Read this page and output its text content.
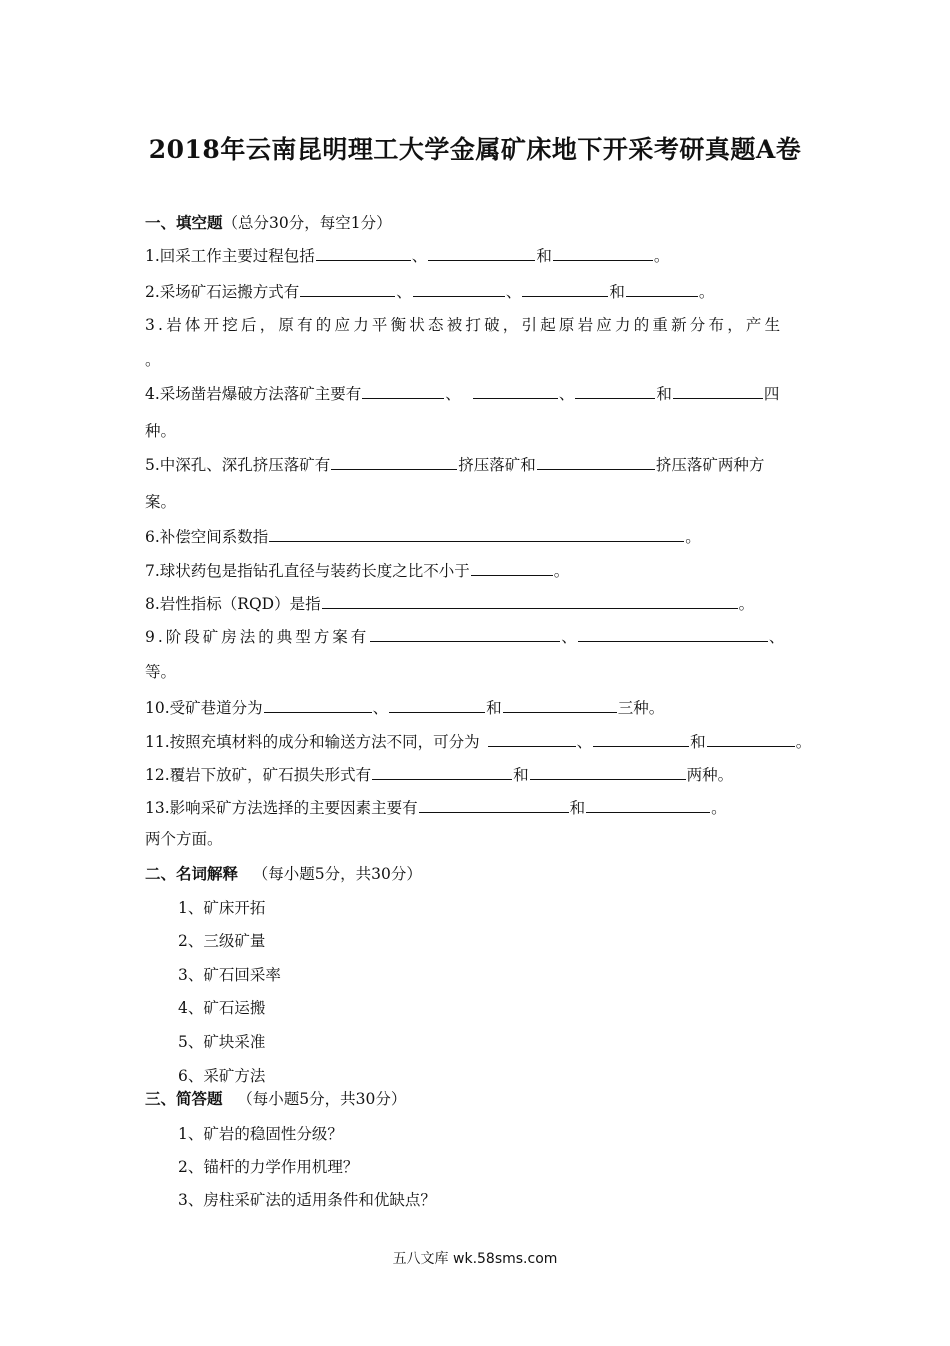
2018年云南昆明理工大学金属矿床地下开采考研真题A卷
一、填空题（总分30分，每空1分）
1.回采工作主要过程包括	、	和	。
2.采场矿石运搬方式有	、	、	和	。
3.岩体开挖后，原有的应力平衡状态被打破，引起原岩应力的重新分布，产生
。
4.采场凿岩爆破方法落矿主要有	、	、	和	四
种。
5.中深孔、深孔挤压落矿有	挤压落矿和	挤压落矿两种方
案。
6.补偿空间系数指	。
7.球状药包是指钻孔直径与装药长度之比不小于	。
8.岩性指标（RQD）是指	。
9.阶段矿房法的典型方案有	、	、
等。
10.受矿巷道分为	、	和	三种。
11.按照充填材料的成分和输送方法不同，可分为	、	和	。
12.覆岩下放矿，矿石损失形式有	和	两种。
13.影响采矿方法选择的主要因素主要有	和	。
两个方面。
二、名词解释 （每小题5分，共30分）
1、矿床开拓
2、三级矿量
3、矿石回采率
4、矿石运搬
5、矿块采准
6、采矿方法
三、简答题 （每小题5分，共30分）
1、矿岩的稳固性分级？
2、锚杆的力学作用机理？
3、房柱采矿法的适用条件和优缺点？
五八文库 wk.58sms.com
